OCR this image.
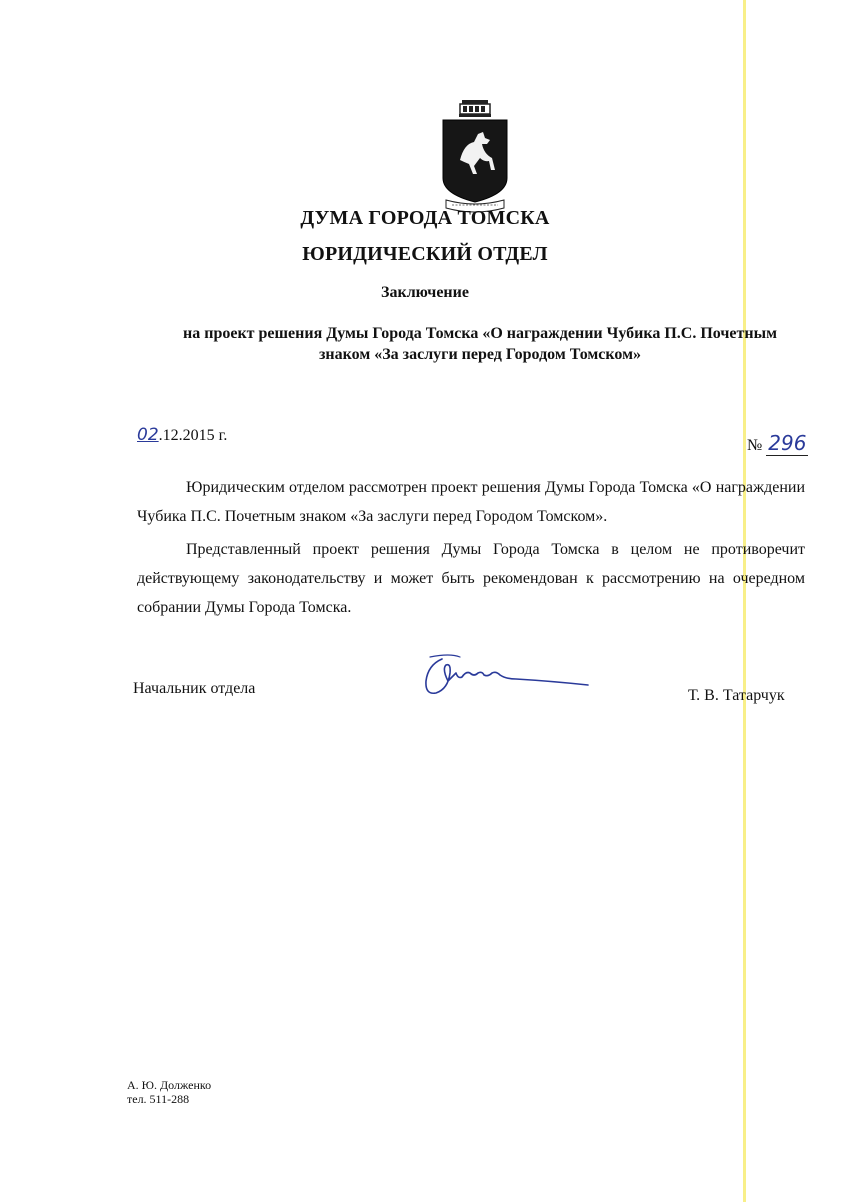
ДУМА ГОРОДА ТОМСКА
ЮРИДИЧЕСКИЙ ОТДЕЛ
Заключение
на проект решения Думы Города Томска «О награждении Чубика П.С. Почетным
знаком «За заслуги перед Городом Томском»
02.12.2015 г.
№ 296
Юридическим отделом рассмотрен проект решения Думы Города Томска «О награждении Чубика П.С. Почетным знаком «За заслуги перед Городом Томском».
Представленный проект решения Думы Города Томска в целом не противоречит действующему законодательству и может быть рекомендован к рассмотрению на очередном собрании Думы Города Томска.
Начальник отдела	Т. В. Татарчук
А. Ю. Долженко
тел. 511-288
